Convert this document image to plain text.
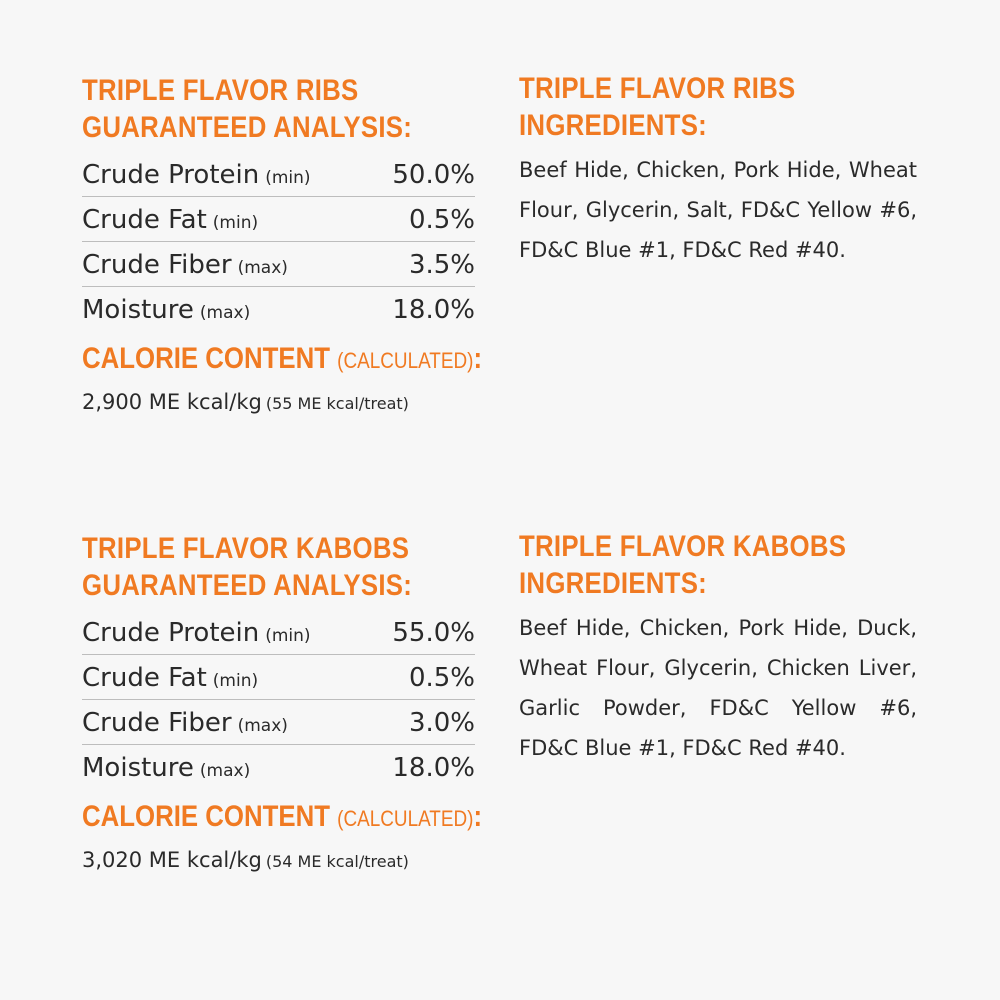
TRIPLE FLAVOR RIBS
GUARANTEED ANALYSIS:
Crude Protein (min)	50.0%
Crude Fat (min)	0.5%
Crude Fiber (max)	3.5%
Moisture (max)	18.0%
CALORIE CONTENT (CALCULATED):
2,900 ME kcal/kg (55 ME kcal/treat)
TRIPLE FLAVOR RIBS
INGREDIENTS:
Beef Hide, Chicken, Pork Hide, Wheat Flour, Glycerin, Salt, FD&C Yellow #6, FD&C Blue #1, FD&C Red #40.
TRIPLE FLAVOR KABOBS
GUARANTEED ANALYSIS:
Crude Protein (min)	55.0%
Crude Fat (min)	0.5%
Crude Fiber (max)	3.0%
Moisture (max)	18.0%
CALORIE CONTENT (CALCULATED):
3,020 ME kcal/kg (54 ME kcal/treat)
TRIPLE FLAVOR KABOBS
INGREDIENTS:
Beef Hide, Chicken, Pork Hide, Duck, Wheat Flour, Glycerin, Chicken Liver, Garlic Powder, FD&C Yellow #6, FD&C Blue #1, FD&C Red #40.
